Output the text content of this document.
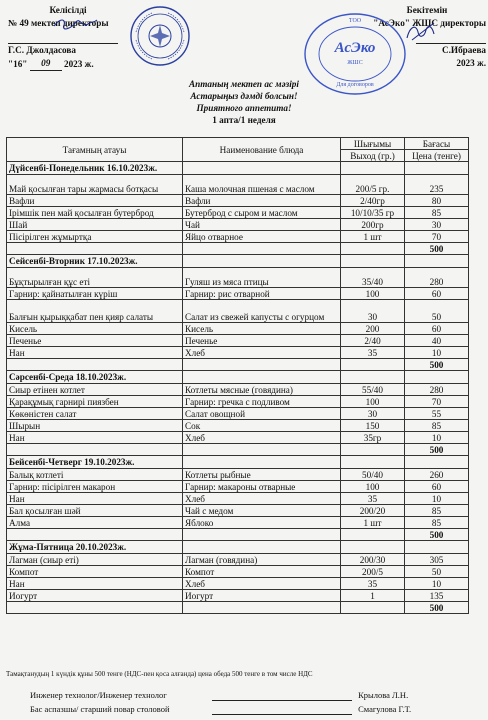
Келісілді
№ 49 мектеп директоры

Г.С. Джолдасова
"16" 09 2023 ж.
Бекітемін
"АсЭко" ЖШС директоры

С.Ибраева
2023 ж.
ТОО
АсЭко
ЖШС
Для договоров
Аптаның мектеп ас мәзірі
Астарыңыз дәмді болсын!
Приятного аппетита!
1 апта/1 неделя
Тағамның атауы	Наименование блюда	Шығымы	Бағасы
		Выход (гр.)	Цена (тенге)
Дүйсенбі-Понедельник 16.10.2023ж.			
Май қосылған тары жармасы ботқасы	Каша молочная пшеная с маслом	200/5 гр.	235
Вафли	Вафли	2/40гр	80
Ірімшік пен май қосылған бутерброд	Бутерброд с сыром и маслом	10/10/35 гр	85
Шай	Чай	200гр	30
Пісірілген жұмыртқа	Яйцо отварное	1 шт	70
			500
Сейсенбі-Вторник 17.10.2023ж.			
Бұқтырылған құс еті	Гуляш из мяса птицы	35/40	280
Гарнир: қайнатылған күріш	Гарнир: рис отварной	100	60
Балғын қырыққабат пен қияр салаты	Салат из свежей капусты с огурцом	30	50
Кисель	Кисель	200	60
Печенье	Печенье	2/40	40
Нан	Хлеб	35	10
			500
Сәрсенбі-Среда 18.10.2023ж.			
Сиыр етінен котлет	Котлеты мясные (говядина)	55/40	280
Қарақұмық гарнирі пиязбен	Гарнир: гречка с подливом	100	70
Көкөністен салат	Салат овощной	30	55
Шырын	Сок	150	85
Нан	Хлеб	35гр	10
			500
Бейсенбі-Четверг 19.10.2023ж.			
Балық котлеті	Котлеты рыбные	50/40	260
Гарнир: пісірілген макарон	Гарнир: макароны отварные	100	60
Нан	Хлеб	35	10
Бал қосылған шәй	Чай с медом	200/20	85
Алма	Яблоко	1 шт	85
			500
Жұма-Пятница 20.10.2023ж.			
Лагман (сиыр еті)	Лагман (говядина)	200/30	305
Компот	Компот	200/5	50
Нан	Хлеб	35	10
Иогурт	Иогурт	1	135
			500
Тамақтанудың 1 күндік құны 500 тенге (НДС-пен қоса алғанда) цена обеда 500 тенге в том числе НДС
Инженер технолог/Инженер технолог	Крылова Л.Н.
Бас аспазшы/ старший повар столовой	Смагулова Г.Т.
